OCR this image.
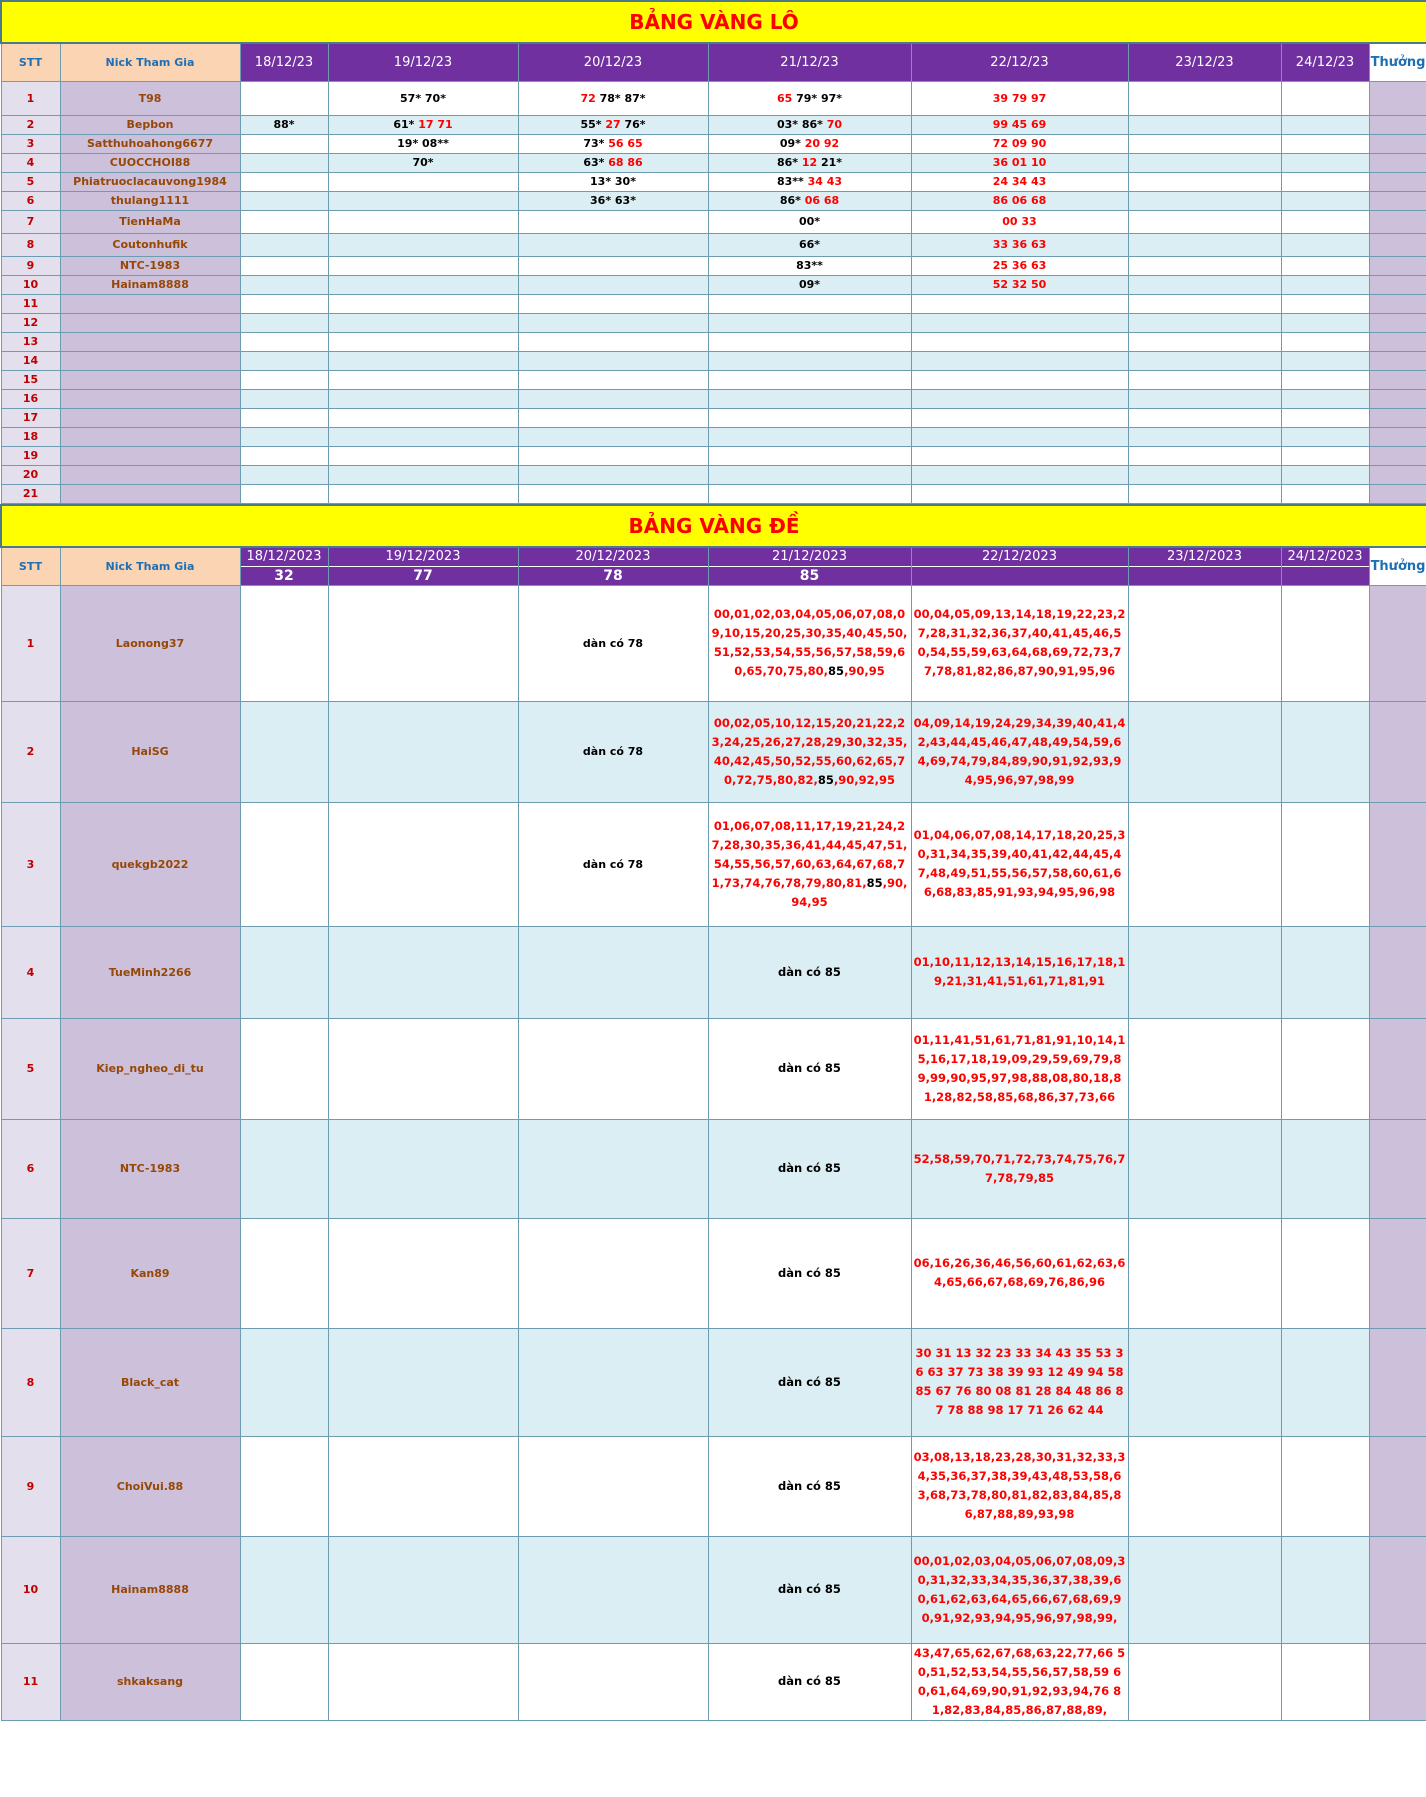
BẢNG VÀNG LÔ									
STT	Nick Tham Gia	18/12/23	19/12/23	20/12/23	21/12/23	22/12/23	23/12/23	24/12/23	Thưởng
1	T98		57* 70*	72 78* 87*	65 79* 97*	39 79 97			
2	Bepbon	88*	61* 17 71	55* 27 76*	03* 86* 70	99 45 69			
3	Satthuhoahong6677		19* 08**	73* 56 65	09* 20 92	72 09 90			
4	CUOCCHOI88		70*	63* 68 86	86* 12 21*	36 01 10			
5	Phiatruoclacauvong1984			13* 30*	83** 34 43	24 34 43			
6	thulang1111			36* 63*	86* 06 68	86 06 68			
7	TienHaMa				00*	00 33			
8	Coutonhufik				66*	33 36 63			
9	NTC-1983				83**	25 36 63			
10	Hainam8888				09*	52 32 50			
11									
12									
13									
14									
15									
16									
17									
18									
19									
20									
21									
BẢNG VÀNG ĐỀ									
STT	Nick Tham Gia	18/12/2023	19/12/2023	20/12/2023	21/12/2023	22/12/2023	23/12/2023	24/12/2023	Thưởng
		32	77	78	85				
1	Laonong37			dàn có 78	00,01,02,03,04,05,06,07,08,09,10,15,20,25,30,35,40,45,50,51,52,53,54,55,56,57,58,59,60,65,70,75,80,85,90,95	00,04,05,09,13,14,18,19,22,23,27,28,31,32,36,37,40,41,45,46,50,54,55,59,63,64,68,69,72,73,77,78,81,82,86,87,90,91,95,96			
2	HaiSG			dàn có 78	00,02,05,10,12,15,20,21,22,23,24,25,26,27,28,29,30,32,35,40,42,45,50,52,55,60,62,65,70,72,75,80,82,85,90,92,95	04,09,14,19,24,29,34,39,40,41,42,43,44,45,46,47,48,49,54,59,64,69,74,79,84,89,90,91,92,93,94,95,96,97,98,99			
3	quekgb2022			dàn có 78	01,06,07,08,11,17,19,21,24,27,28,30,35,36,41,44,45,47,51,54,55,56,57,60,63,64,67,68,71,73,74,76,78,79,80,81,85,90,94,95	01,04,06,07,08,14,17,18,20,25,30,31,34,35,39,40,41,42,44,45,47,48,49,51,55,56,57,58,60,61,66,68,83,85,91,93,94,95,96,98			
4	TueMinh2266				dàn có 85	01,10,11,12,13,14,15,16,17,18,19,21,31,41,51,61,71,81,91			
5	Kiep_ngheo_di_tu				dàn có 85	01,11,41,51,61,71,81,91,10,14,15,16,17,18,19,09,29,59,69,79,89,99,90,95,97,98,88,08,80,18,81,28,82,58,85,68,86,37,73,66			
6	NTC-1983				dàn có 85	52,58,59,70,71,72,73,74,75,76,77,78,79,85			
7	Kan89				dàn có 85	06,16,26,36,46,56,60,61,62,63,64,65,66,67,68,69,76,86,96			
8	Black_cat				dàn có 85	30 31 13 32 23 33 34 43 35 53 36 63 37 73 38 39 93 12 49 94 58 85 67 76 80 08 81 28 84 48 86 87 78 88 98 17 71 26 62 44			
9	ChoiVui.88				dàn có 85	03,08,13,18,23,28,30,31,32,33,34,35,36,37,38,39,43,48,53,58,63,68,73,78,80,81,82,83,84,85,86,87,88,89,93,98			
10	Hainam8888				dàn có 85	00,01,02,03,04,05,06,07,08,09,30,31,32,33,34,35,36,37,38,39,60,61,62,63,64,65,66,67,68,69,90,91,92,93,94,95,96,97,98,99,			
11	shkaksang				dàn có 85	43,47,65,62,67,68,63,22,77,66 50,51,52,53,54,55,56,57,58,59 60,61,64,69,90,91,92,93,94,76 81,82,83,84,85,86,87,88,89,			
